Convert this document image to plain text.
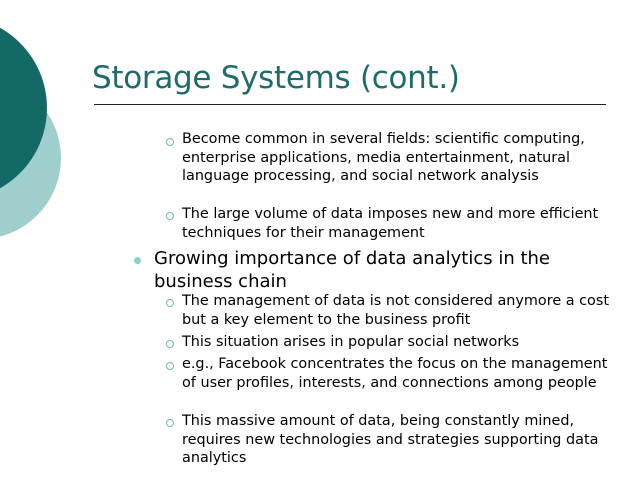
Storage Systems (cont.)

Become common in several fields: scientific computing, enterprise applications, media entertainment, natural language processing, and social network analysis

The large volume of data imposes new and more efficient techniques for their management

Growing importance of data analytics in the business chain

The management of data is not considered anymore a cost but a key element to the business profit

This situation arises in popular social networks

e.g., Facebook concentrates the focus on the management of user profiles, interests, and connections among people

This massive amount of data, being constantly mined, requires new technologies and strategies supporting data analytics
